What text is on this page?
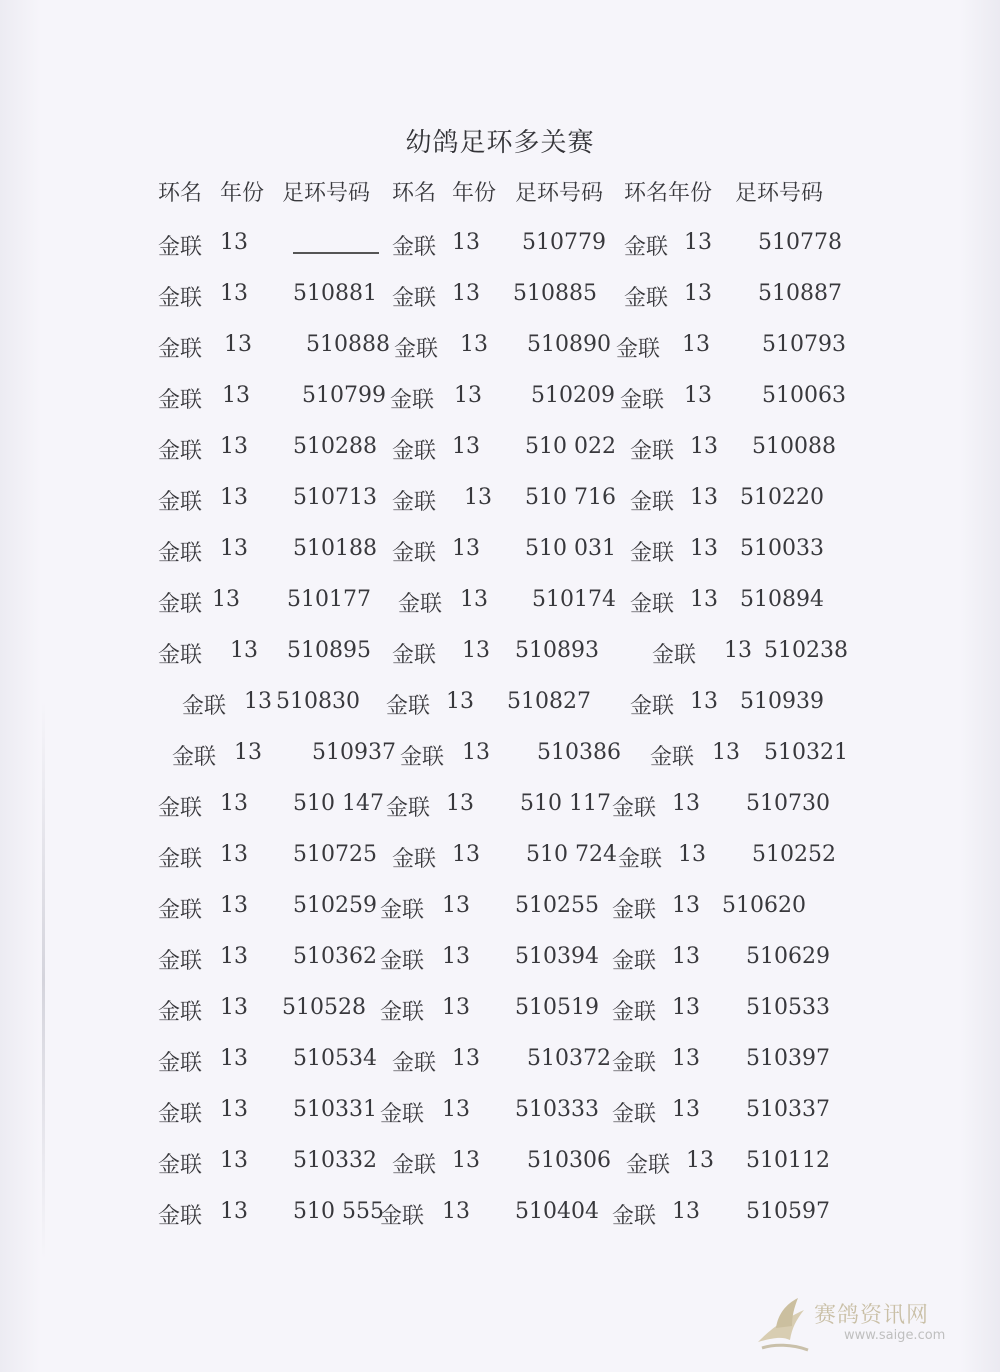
幼鸽足环多关赛
环名 年份 足环号码 环名 年份 足环号码 环名年份 足环号码
金联 13	金联 13 510779 金联 13 510778
金联 13 510881 金联 13 510885 金联 13 510887
金联 13 510888 金联 13 510890 金联 13 510793
金联 13 510799 金联 13 510209 金联 13 510063
金联 13 510288 金联 13 510 022 金联 13 510088
金联 13 510713 金联 13 510 716 金联 13 510220
金联 13 510188 金联 13 510 031 金联 13 510033
金联 13 510177 金联 13 510174 金联 13 510894
金联 13 510895 金联 13 510893 金联 13 510238
金联 13 510830 金联 13 510827 金联 13 510939
金联 13 510937 金联 13 510386 金联 13 510321
金联 13 510 147 金联 13 510 117 金联 13 510730
金联 13 510725 金联 13 510 724 金联 13 510252
金联 13 510259 金联 13 510255 金联 13 510620
金联 13 510362 金联 13 510394 金联 13 510629
金联 13 510528 金联 13 510519 金联 13 510533
金联 13 510534 金联 13 510372 金联 13 510397
金联 13 510331 金联 13 510333 金联 13 510337
金联 13 510332 金联 13 510306 金联 13 510112
金联 13 510 555
金联 13 510404 金联 13 510597
赛鸽资讯网
www.saige.com
